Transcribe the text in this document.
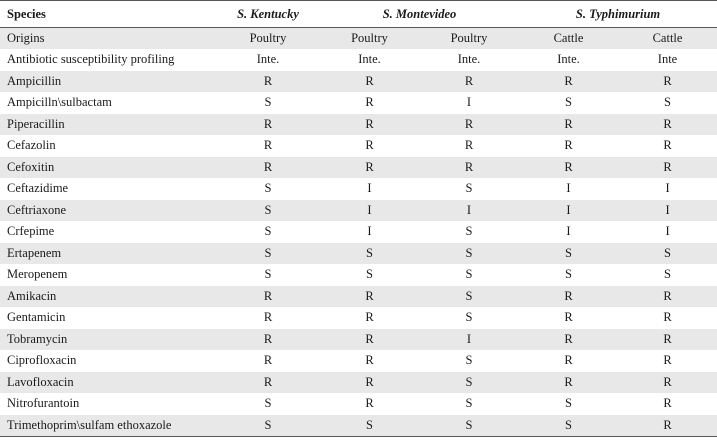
Species	S. Kentucky	S. Montevideo		S. Typhimurium	
Origins	Poultry	Poultry	Poultry	Cattle	Cattle
Antibiotic susceptibility profiling	Inte.	Inte.	Inte.	Inte.	Inte
Ampicillin	R	R	R	R	R
Ampicilln\sulbactam	S	R	I	S	S
Piperacillin	R	R	R	R	R
Cefazolin	R	R	R	R	R
Cefoxitin	R	R	R	R	R
Ceftazidime	S	I	S	I	I
Ceftriaxone	S	I	I	I	I
Crfepime	S	I	S	I	I
Ertapenem	S	S	S	S	S
Meropenem	S	S	S	S	S
Amikacin	R	R	S	R	R
Gentamicin	R	R	S	R	R
Tobramycin	R	R	I	R	R
Ciprofloxacin	R	R	S	R	R
Lavofloxacin	R	R	S	R	R
Nitrofurantoin	S	R	S	S	R
Trimethoprim\sulfam ethoxazole	S	S	S	S	R
